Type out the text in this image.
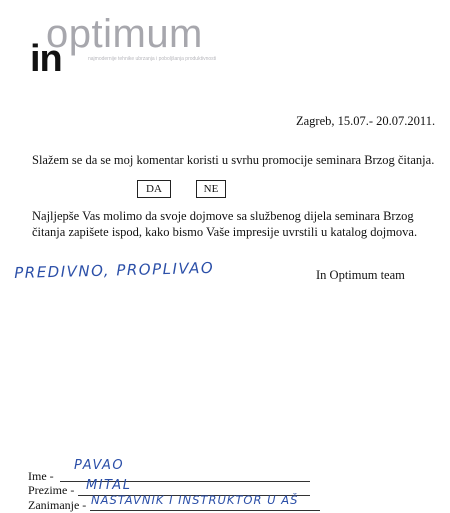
optimum
in	najmodernije tehnike ubrzanja i poboljšanja produktivnosti
Zagreb, 15.07.- 20.07.2011.
Slažem se da se moj komentar koristi u svrhu promocije seminara Brzog čitanja.
DA	NE
Najljepše Vas molimo da svoje dojmove sa službenog dijela seminara Brzog čitanja zapišete ispod, kako bismo Vaše impresije uvrstili u katalog dojmova.
PREDIVNO, PROPLIVAO	In Optimum team
Ime -
PAVAO
Prezime - MITAL
Zanimanje - NASTAVNIK I INSTRUKTOR U AŠ
